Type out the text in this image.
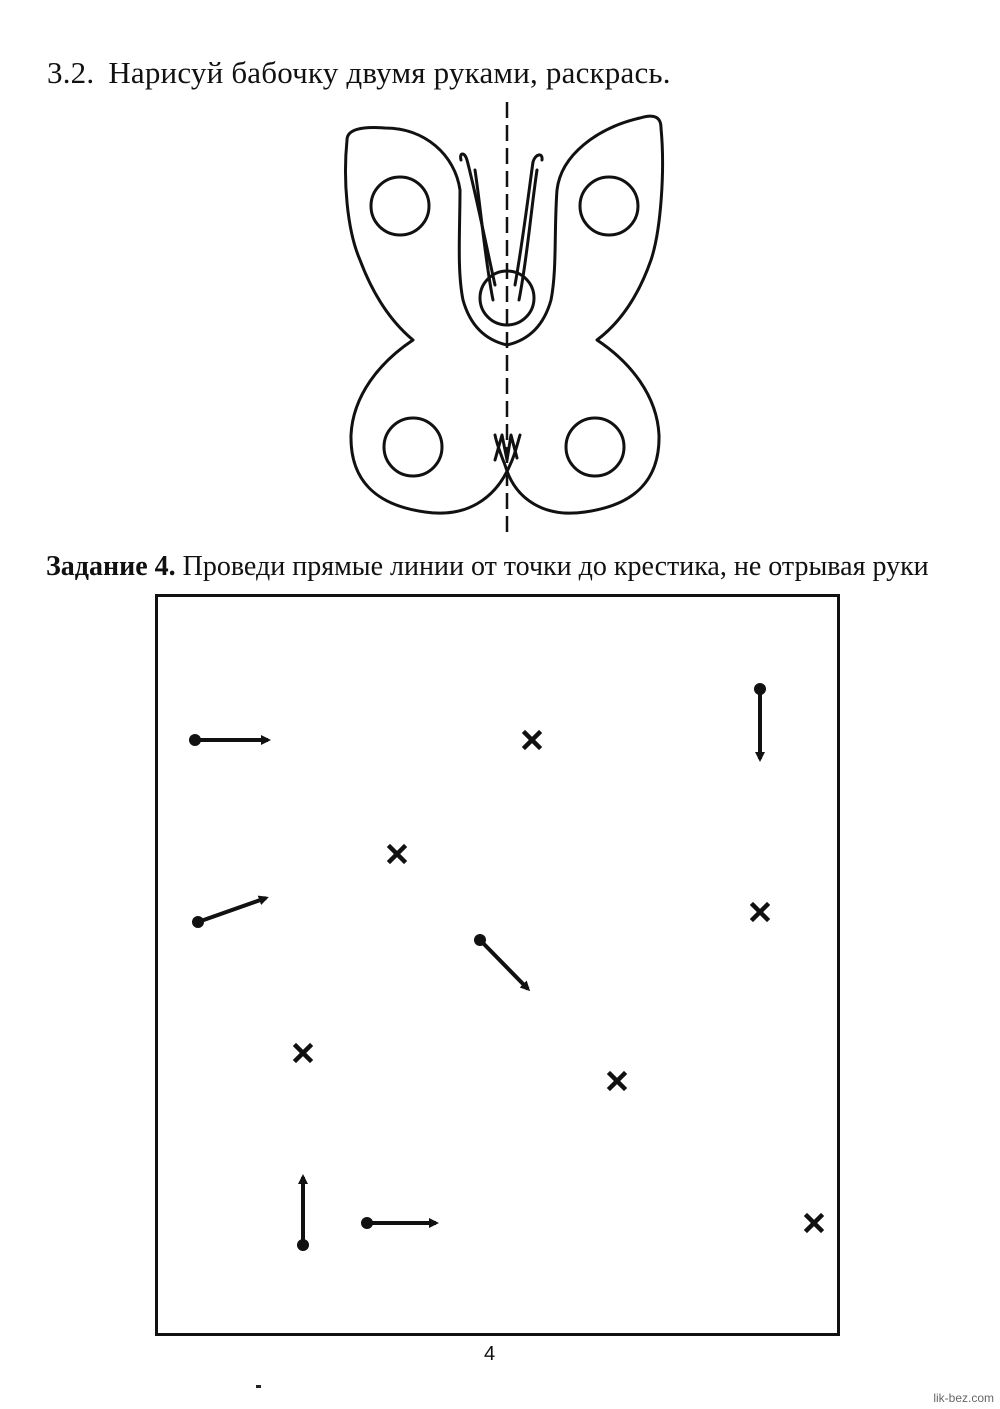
3.2. Нарисуй бабочку двумя руками, раскрась.
Задание 4. Проведи прямые линии от точки до крестика, не отрывая руки
4
lik-bez.com
